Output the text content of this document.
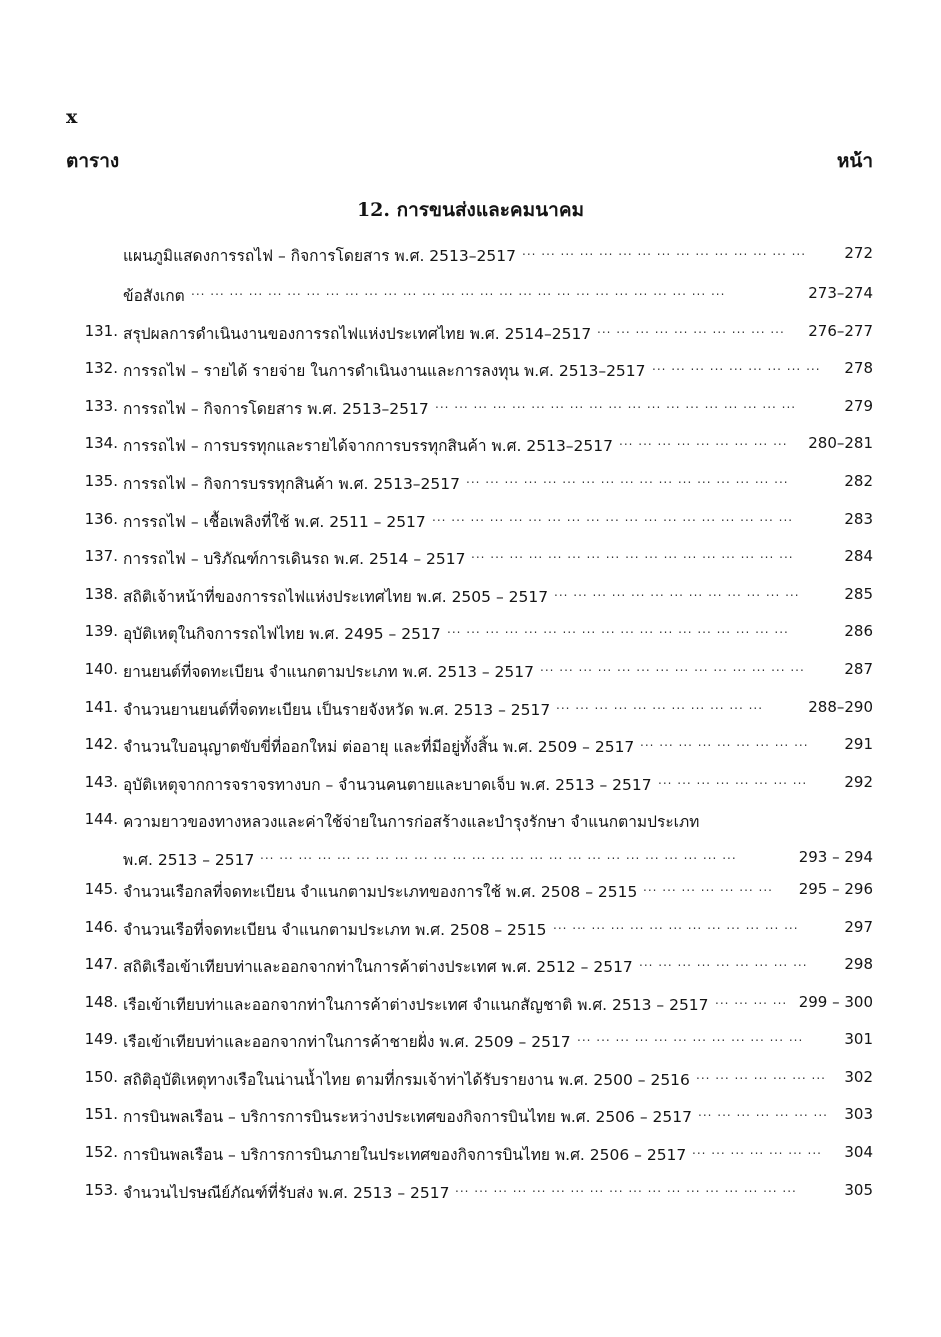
x
ตาราง	หน้า
12. การขนส่งและคมนาคม
แผนภูมิแสดงการรถไฟ – กิจการโดยสาร พ.ศ. 2513–2517 ... ... ... ... ... ... ... ... ... ... ... ... ... ... ...	272
ข้อสังเกต ... ... ... ... ... ... ... ... ... ... ... ... ... ... ... ... ... ... ... ... ... ... ... ... ... ... ... ...	273–274
131. สรุปผลการดำเนินงานของการรถไฟแห่งประเทศไทย พ.ศ. 2514–2517 ... ... ... ... ... ... ... ... ... ...	276–277
132. การรถไฟ – รายได้ รายจ่าย ในการดำเนินงานและการลงทุน พ.ศ. 2513–2517 ... ... ... ... ... ... ... ... ...	278
133. การรถไฟ – กิจการโดยสาร พ.ศ. 2513–2517 ... ... ... ... ... ... ... ... ... ... ... ... ... ... ... ... ... ... ...	279
134. การรถไฟ – การบรรทุกและรายได้จากการบรรทุกสินค้า พ.ศ. 2513–2517 ... ... ... ... ... ... ... ... ...	280–281
135. การรถไฟ – กิจการบรรทุกสินค้า พ.ศ. 2513–2517 ... ... ... ... ... ... ... ... ... ... ... ... ... ... ... ... ...	282
136. การรถไฟ – เชื้อเพลิงที่ใช้ พ.ศ. 2511 – 2517 ... ... ... ... ... ... ... ... ... ... ... ... ... ... ... ... ... ... ...	283
137. การรถไฟ – บริภัณฑ์การเดินรถ พ.ศ. 2514 – 2517 ... ... ... ... ... ... ... ... ... ... ... ... ... ... ... ... ...	284
138. สถิติเจ้าหน้าที่ของการรถไฟแห่งประเทศไทย พ.ศ. 2505 – 2517 ... ... ... ... ... ... ... ... ... ... ... ... ...	285
139. อุบัติเหตุในกิจการรถไฟไทย พ.ศ. 2495 – 2517 ... ... ... ... ... ... ... ... ... ... ... ... ... ... ... ... ... ...	286
140. ยานยนต์ที่จดทะเบียน จำแนกตามประเภท พ.ศ. 2513 – 2517 ... ... ... ... ... ... ... ... ... ... ... ... ... ...	287
141. จำนวนยานยนต์ที่จดทะเบียน เป็นรายจังหวัด พ.ศ. 2513 – 2517 ... ... ... ... ... ... ... ... ... ... ...	288–290
142. จำนวนใบอนุญาตขับขี่ที่ออกใหม่ ต่ออายุ และที่มีอยู่ทั้งสิ้น พ.ศ. 2509 – 2517 ... ... ... ... ... ... ... ... ...	291
143. อุบัติเหตุจากการจราจรทางบก – จำนวนคนตายและบาดเจ็บ พ.ศ. 2513 – 2517 ... ... ... ... ... ... ... ...	292
144. ความยาวของทางหลวงและค่าใช้จ่ายในการก่อสร้างและบำรุงรักษา จำแนกตามประเภท
พ.ศ. 2513 – 2517 ... ... ... ... ... ... ... ... ... ... ... ... ... ... ... ... ... ... ... ... ... ... ... ... ...	293 – 294
145. จำนวนเรือกลที่จดทะเบียน จำแนกตามประเภทของการใช้ พ.ศ. 2508 – 2515 ... ... ... ... ... ... ...	295 – 296
146. จำนวนเรือที่จดทะเบียน จำแนกตามประเภท พ.ศ. 2508 – 2515 ... ... ... ... ... ... ... ... ... ... ... ... ...	297
147. สถิติเรือเข้าเทียบท่าและออกจากท่าในการค้าต่างประเทศ พ.ศ. 2512 – 2517 ... ... ... ... ... ... ... ... ...	298
148. เรือเข้าเทียบท่าและออกจากท่าในการค้าต่างประเทศ จำแนกสัญชาติ พ.ศ. 2513 – 2517 ... ... ... ... 299 – 300
149. เรือเข้าเทียบท่าและออกจากท่าในการค้าชายฝั่ง พ.ศ. 2509 – 2517 ... ... ... ... ... ... ... ... ... ... ... ...	301
150. สถิติอุบัติเหตุทางเรือในน่านน้ำไทย ตามที่กรมเจ้าท่าได้รับรายงาน พ.ศ. 2500 – 2516 ... ... ... ... ... ... ...	302
151. การบินพลเรือน – บริการการบินระหว่างประเทศของกิจการบินไทย พ.ศ. 2506 – 2517 ... ... ... ... ... ... ...	303
152. การบินพลเรือน – บริการการบินภายในประเทศของกิจการบินไทย พ.ศ. 2506 – 2517 ... ... ... ... ... ... ...	304
153. จำนวนไปรษณีย์ภัณฑ์ที่รับส่ง พ.ศ. 2513 – 2517 ... ... ... ... ... ... ... ... ... ... ... ... ... ... ... ... ... ...	305
